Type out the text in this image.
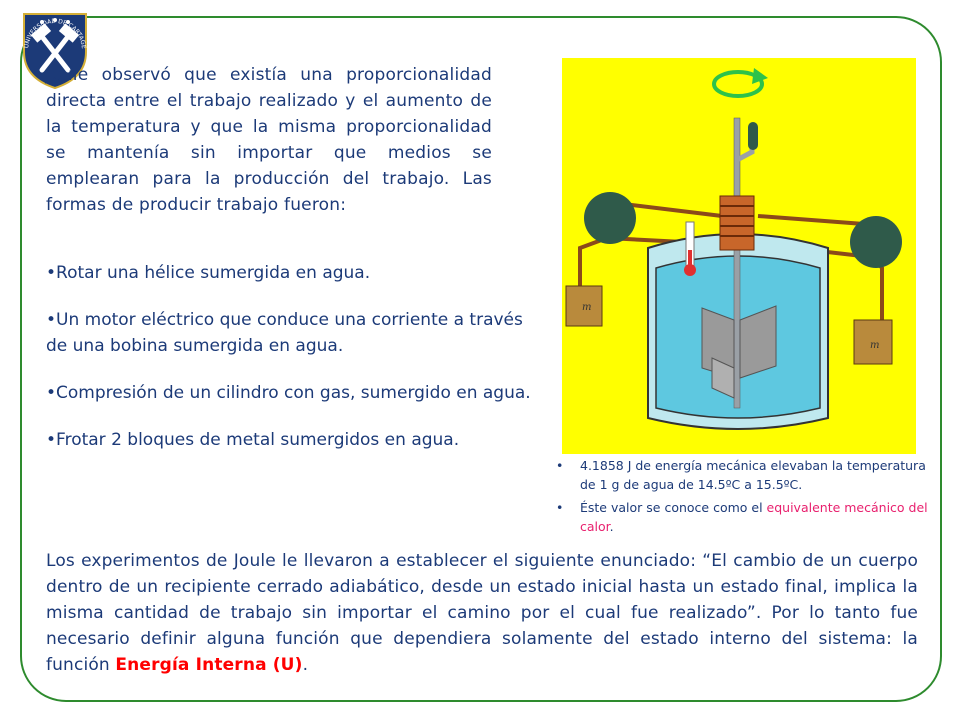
UNIVERSIDAD DE CARTAGE
Joule observó que existía una proporcionalidad directa entre el trabajo realizado y el aumento de la temperatura y que la misma proporcionalidad se mantenía sin importar que medios se emplearan para la producción del trabajo. Las formas de producir trabajo fueron:
• Rotar una hélice sumergida en agua.
• Un motor eléctrico que conduce una corriente a través de una bobina sumergida en agua.
• Compresión de un cilindro con gas, sumergido en agua.
• Frotar 2 bloques de metal sumergidos en agua.
m
m
• 4.1858 J de energía mecánica elevaban la temperatura de 1 g de agua de 14.5ºC a 15.5ºC.
• Éste valor se conoce como el equivalente mecánico del calor.
Los experimentos de Joule le llevaron a establecer el siguiente enunciado: “El cambio de un cuerpo dentro de un recipiente cerrado adiabático, desde un estado inicial hasta un estado final, implica la misma cantidad de trabajo sin importar el camino por el cual fue realizado”. Por lo tanto fue necesario definir alguna función que dependiera solamente del estado interno del sistema: la función Energía Interna (U).
